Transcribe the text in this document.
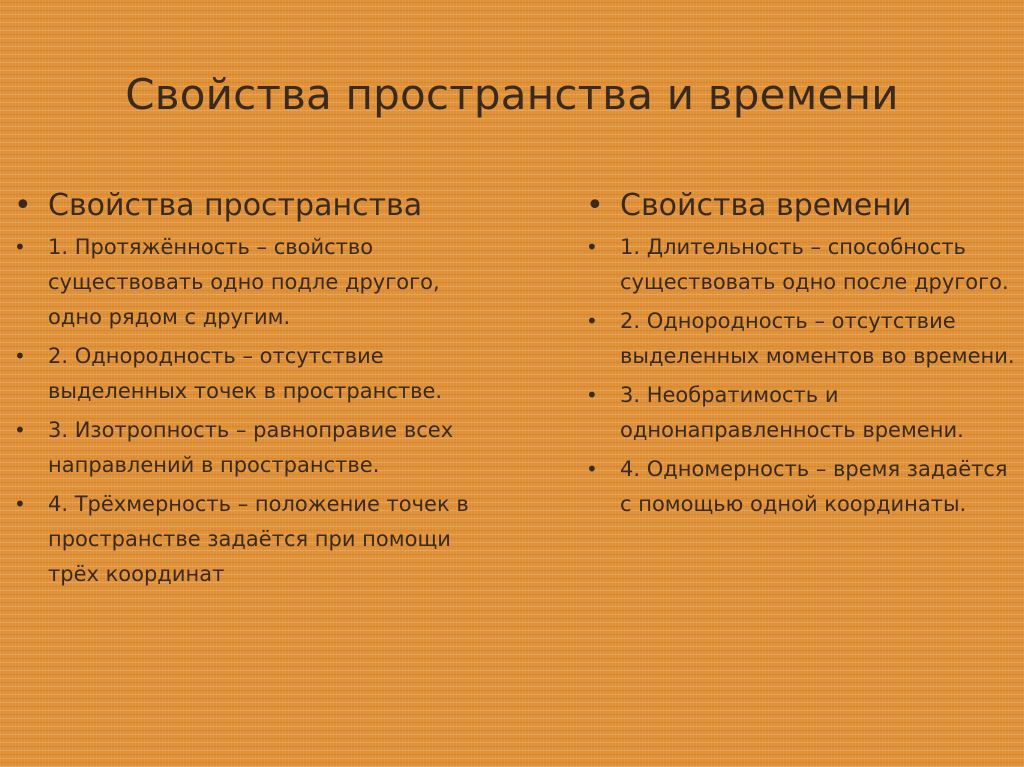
Свойства пространства и времени
• Свойства пространства
•	1. Протяжённость – свойство существовать одно подле другого, одно рядом с другим.
•	2. Однородность – отсутствие выделенных точек в пространстве.
•	3. Изотропность – равноправие всех направлений в пространстве.
•	4. Трёхмерность – положение точек в пространстве задаётся при помощи трёх координат
• Свойства времени
•	1. Длительность – способность существовать одно после другого.
•	2. Однородность – отсутствие выделенных моментов во времени.
•	3. Необратимость и однонаправленность времени.
•	4. Одномерность – время задаётся с помощью одной координаты.
